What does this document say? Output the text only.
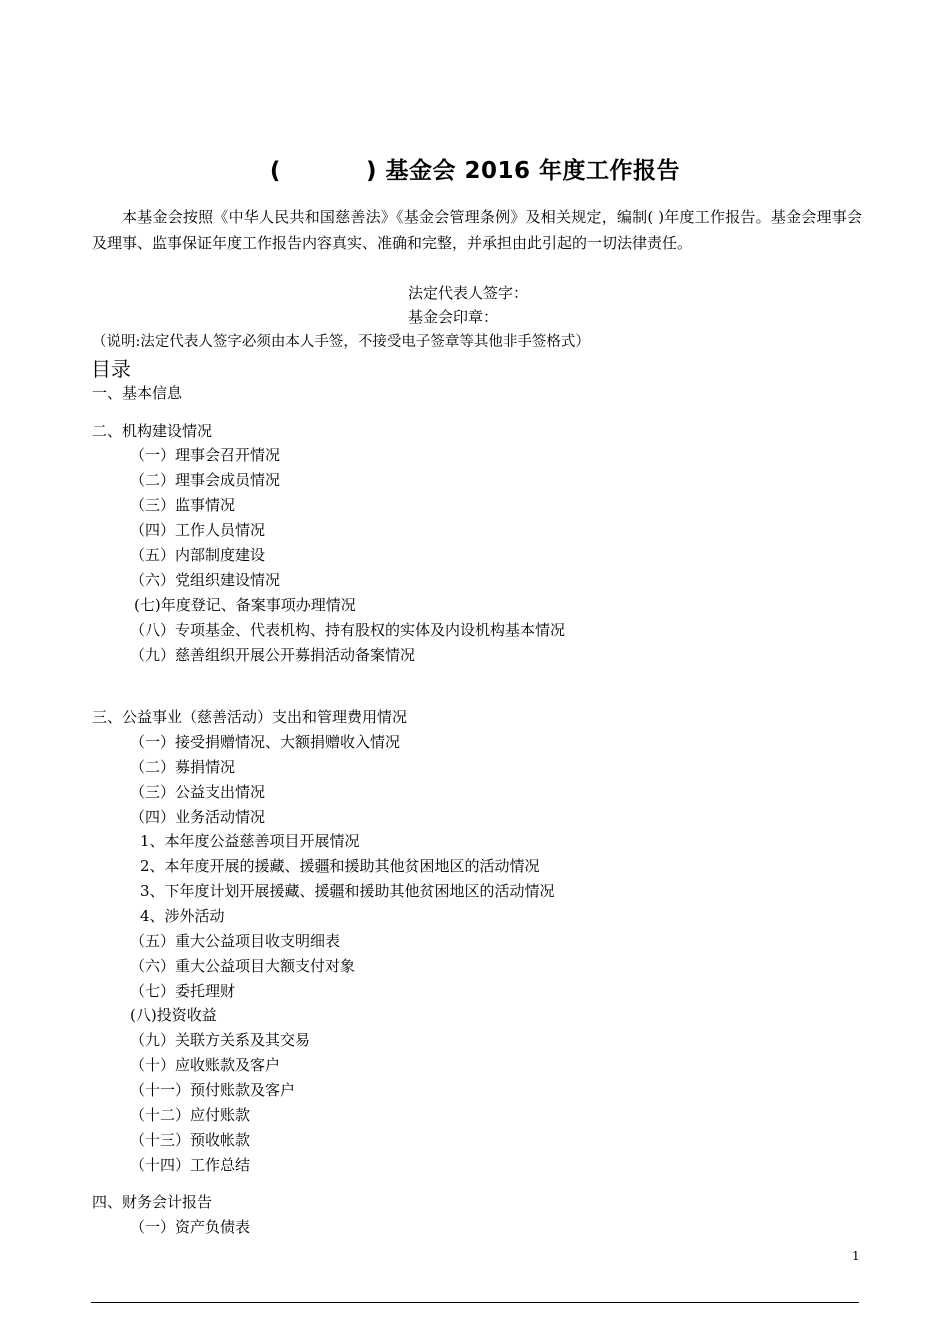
(          ) 基金会 2016 年度工作报告
本基金会按照《中华人民共和国慈善法》《基金会管理条例》及相关规定，编制( )年度工作报告。基金会理事会及理事、监事保证年度工作报告内容真实、准确和完整，并承担由此引起的一切法律责任。
法定代表人签字：
基金会印章：
（说明:法定代表人签字必须由本人手签，不接受电子签章等其他非手签格式）
目录
一、基本信息
二、机构建设情况
（一）理事会召开情况
（二）理事会成员情况
（三）监事情况
（四）工作人员情况
（五）内部制度建设
（六）党组织建设情况
(七)年度登记、备案事项办理情况
（八）专项基金、代表机构、持有股权的实体及内设机构基本情况
（九）慈善组织开展公开募捐活动备案情况
三、公益事业（慈善活动）支出和管理费用情况
（一）接受捐赠情况、大额捐赠收入情况
（二）募捐情况
（三）公益支出情况
（四）业务活动情况
1、本年度公益慈善项目开展情况
2、本年度开展的援藏、援疆和援助其他贫困地区的活动情况
3、下年度计划开展援藏、援疆和援助其他贫困地区的活动情况
4、涉外活动
（五）重大公益项目收支明细表
（六）重大公益项目大额支付对象
（七）委托理财
(八)投资收益
（九）关联方关系及其交易
（十）应收账款及客户
（十一）预付账款及客户
（十二）应付账款
（十三）预收帐款
（十四）工作总结
四、财务会计报告
（一）资产负债表
1
